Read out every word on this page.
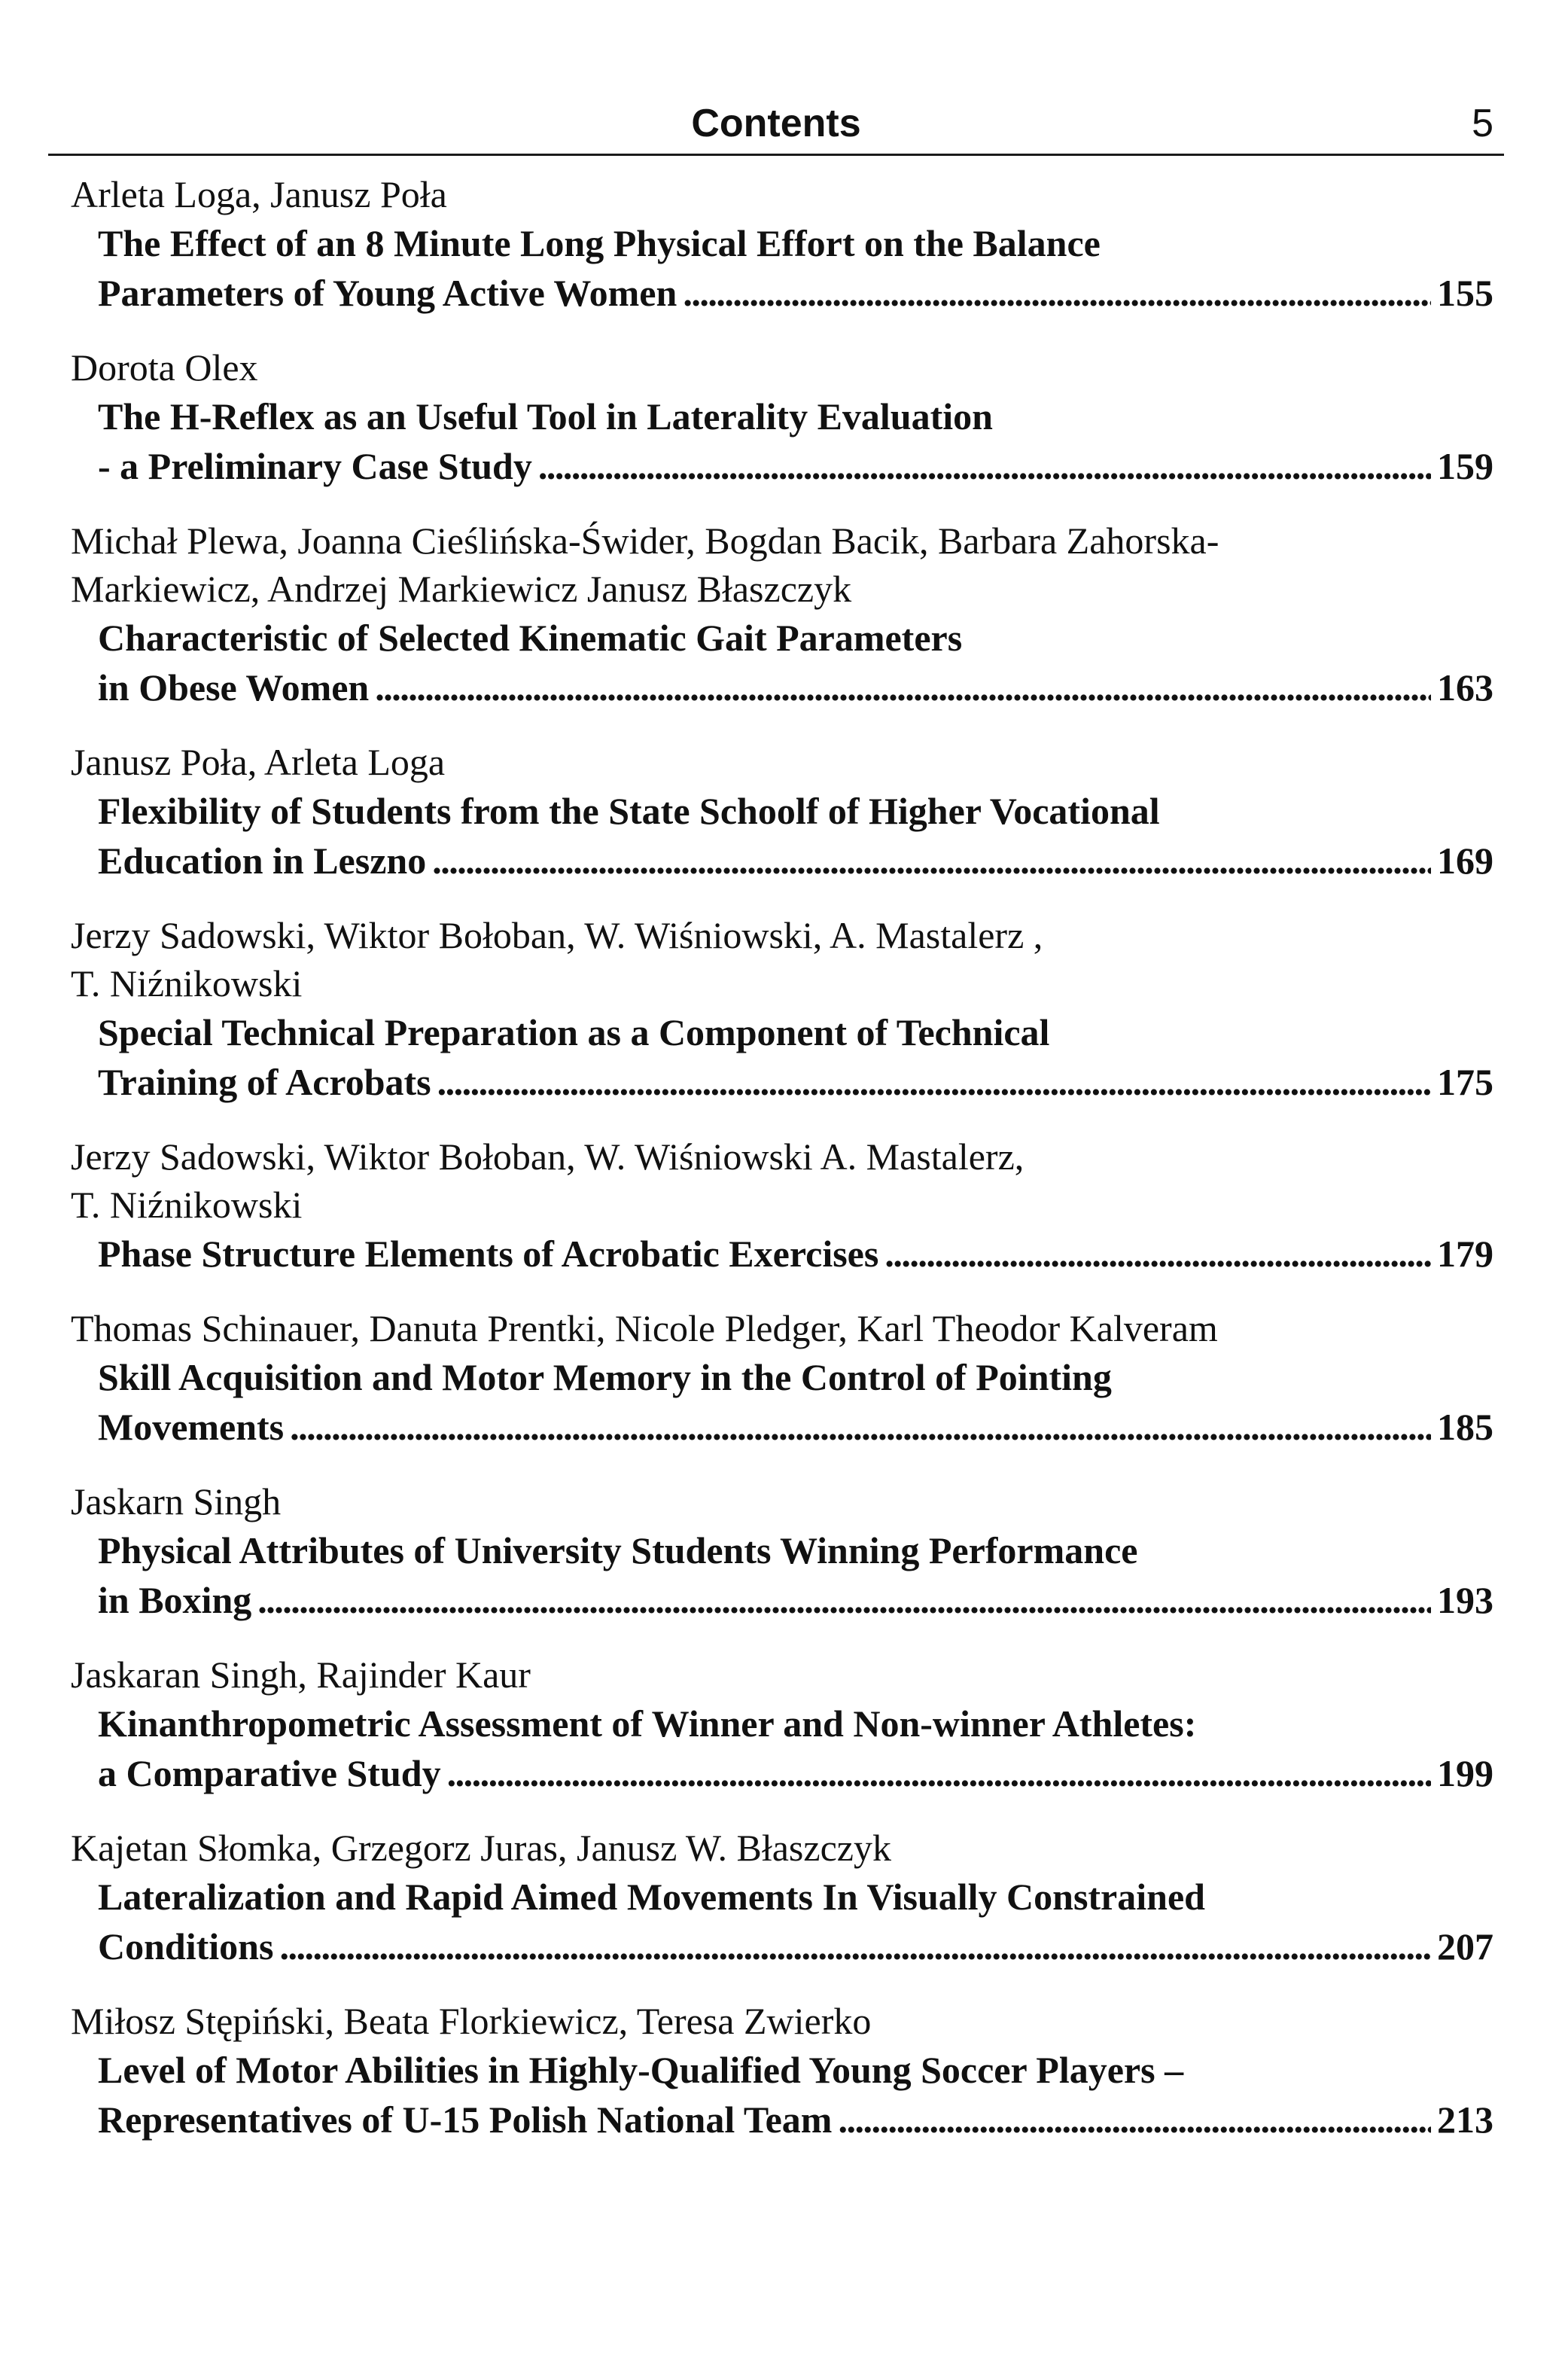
Contents	5
Arleta Loga, Janusz Poła
The Effect of an 8 Minute Long Physical Effort on the Balance
Parameters of Young Active Women . . .	155
Dorota Olex
The H-Reflex as an Useful Tool in Laterality Evaluation
- a Preliminary Case Study . . .	159
Michał Plewa, Joanna Cieślińska-Świder, Bogdan Bacik, Barbara Zahorska-
Markiewicz, Andrzej Markiewicz Janusz Błaszczyk
Characteristic of Selected Kinematic Gait Parameters
in Obese Women . . .	163
Janusz Poła, Arleta Loga
Flexibility of Students from the State Schoolf of Higher Vocational
Education in Leszno . . .	169
Jerzy Sadowski, Wiktor Bołoban, W. Wiśniowski, A. Mastalerz ,
T. Niźnikowski
Special Technical Preparation as a Component of Technical
Training of Acrobats . . .	175
Jerzy Sadowski, Wiktor Bołoban, W. Wiśniowski A. Mastalerz,
T. Niźnikowski
Phase Structure Elements of Acrobatic Exercises . . .	179
Thomas Schinauer, Danuta Prentki, Nicole Pledger, Karl Theodor Kalveram
Skill Acquisition and Motor Memory in the Control of Pointing
Movements . . .	185
Jaskarn Singh
Physical Attributes of University Students Winning Performance
in Boxing . . .	193
Jaskaran Singh, Rajinder Kaur
Kinanthropometric Assessment of Winner and Non-winner Athletes:
a Comparative Study . . .	199
Kajetan Słomka, Grzegorz Juras, Janusz W. Błaszczyk
Lateralization and Rapid Aimed Movements In Visually Constrained
Conditions . . .	207
Miłosz Stępiński, Beata Florkiewicz, Teresa Zwierko
Level of Motor Abilities in Highly-Qualified Young Soccer Players –
Representatives of U-15 Polish National Team . . .	213
